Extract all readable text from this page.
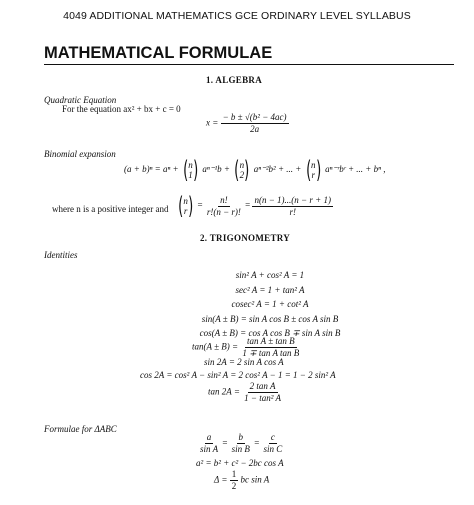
4049 ADDITIONAL MATHEMATICS GCE ORDINARY LEVEL SYLLABUS
MATHEMATICAL FORMULAE
1. ALGEBRA
Quadratic Equation
For the equation ax² + bx + c = 0
$x = \frac{\text{− b ± √(b² − 4ac)}}{2a}$
Binomial expansion
(a + b)ⁿ = aⁿ + ( n
1 ) aⁿ⁻¹b + ( n
2 ) aⁿ⁻²b² + ... + ( n
r ) aⁿ⁻ʳbʳ + ... + bⁿ ,
where n is a positive integer and ( n
r ) = $\frac{n!}{r!(n - r)!} = \frac{n(n - 1)...(n - r + 1)}{r!}$
2. TRIGONOMETRY
Identities
sin² A + cos² A = 1
sec² A = 1 + tan² A
cosec² A = 1 + cot² A
sin(A ± B) = sin A cos B ± cos A sin B
cos(A ± B) = cos A cos B ∓ sin A sin B
$\tan(A \pm B) = \frac{\text{tan A ± tan B}}{\text{1 ∓ tan A tan B}}$
sin 2A = 2 sin A cos A
cos 2A = cos² A − sin² A = 2 cos² A − 1 = 1 − 2 sin² A
$\tan 2A = \frac{\text{2 tan A}}{\text{1 − tan² A}}$
Formulae for ΔABC
$\frac{a}{\text{sin A}} = \frac{b}{\text{sin B}} = \frac{c}{\text{sin C}}$
a² = b² + c² − 2bc cos A
$\Delta = \frac{1}{2}$ bc sin A
